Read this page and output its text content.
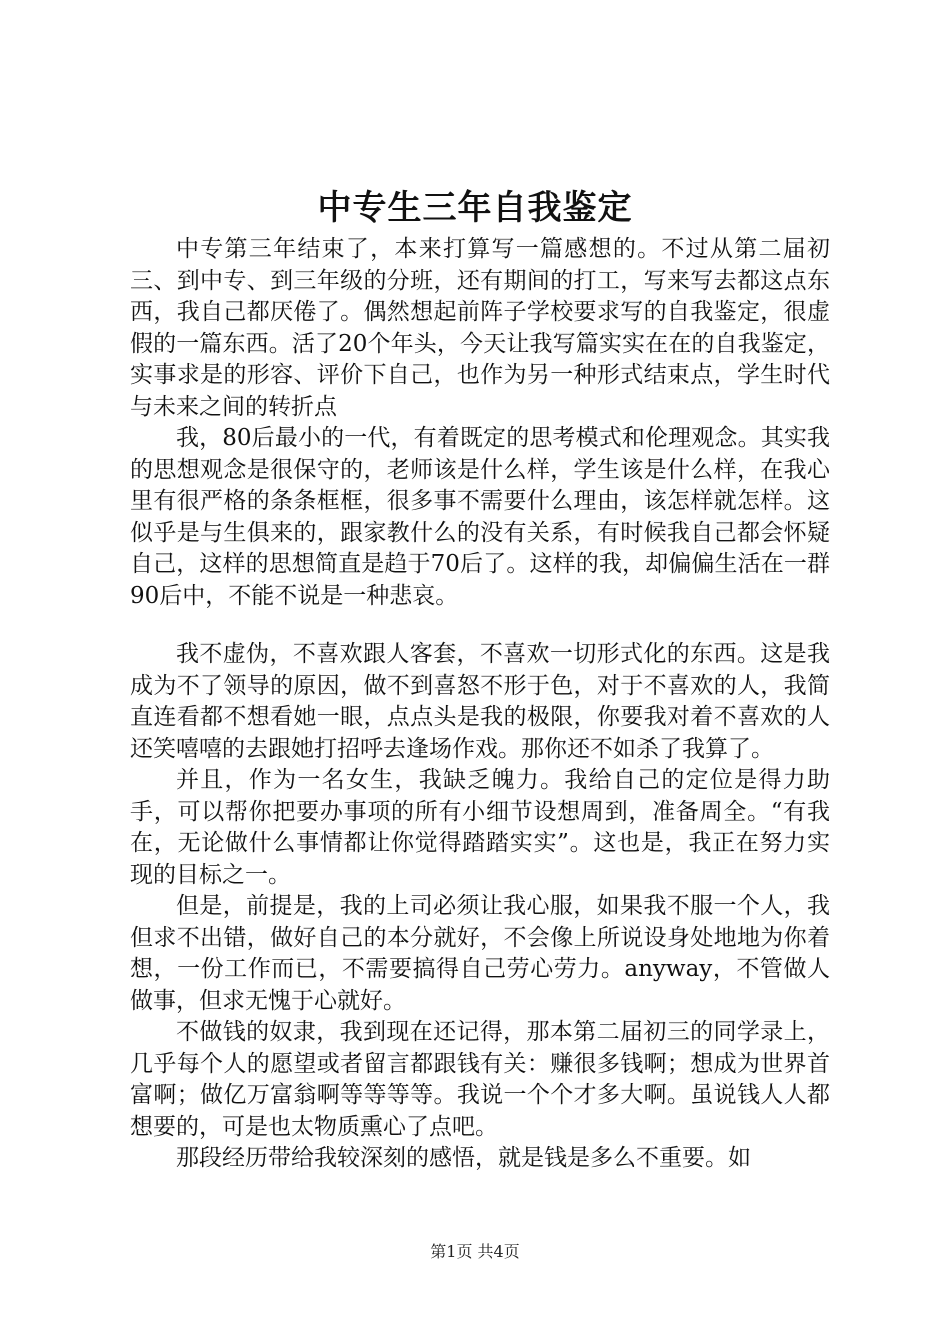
中专生三年自我鉴定

中专第三年结束了，本来打算写一篇感想的。不过从第二届初三、到中专、到三年级的分班，还有期间的打工，写来写去都这点东西，我自己都厌倦了。偶然想起前阵子学校要求写的自我鉴定，很虚假的一篇东西。活了20个年头，今天让我写篇实实在在的自我鉴定，实事求是的形容、评价下自己，也作为另一种形式结束点，学生时代与未来之间的转折点

我，80后最小的一代，有着既定的思考模式和伦理观念。其实我的思想观念是很保守的，老师该是什么样，学生该是什么样，在我心里有很严格的条条框框，很多事不需要什么理由，该怎样就怎样。这似乎是与生俱来的，跟家教什么的没有关系，有时候我自己都会怀疑自己，这样的思想简直是趋于70后了。这样的我，却偏偏生活在一群90后中，不能不说是一种悲哀。

我不虚伪，不喜欢跟人客套，不喜欢一切形式化的东西。这是我成为不了领导的原因，做不到喜怒不形于色，对于不喜欢的人，我简直连看都不想看她一眼，点点头是我的极限，你要我对着不喜欢的人还笑嘻嘻的去跟她打招呼去逢场作戏。那你还不如杀了我算了。

并且，作为一名女生，我缺乏魄力。我给自己的定位是得力助手，可以帮你把要办事项的所有小细节设想周到，准备周全。“有我在，无论做什么事情都让你觉得踏踏实实”。这也是，我正在努力实现的目标之一。

但是，前提是，我的上司必须让我心服，如果我不服一个人，我但求不出错，做好自己的本分就好，不会像上所说设身处地地为你着想，一份工作而已，不需要搞得自己劳心劳力。anyway，不管做人做事，但求无愧于心就好。

不做钱的奴隶，我到现在还记得，那本第二届初三的同学录上，几乎每个人的愿望或者留言都跟钱有关：赚很多钱啊；想成为世界首富啊；做亿万富翁啊等等等等。我说一个个才多大啊。虽说钱人人都想要的，可是也太物质熏心了点吧。

那段经历带给我较深刻的感悟，就是钱是多么不重要。如

第1页 共4页
